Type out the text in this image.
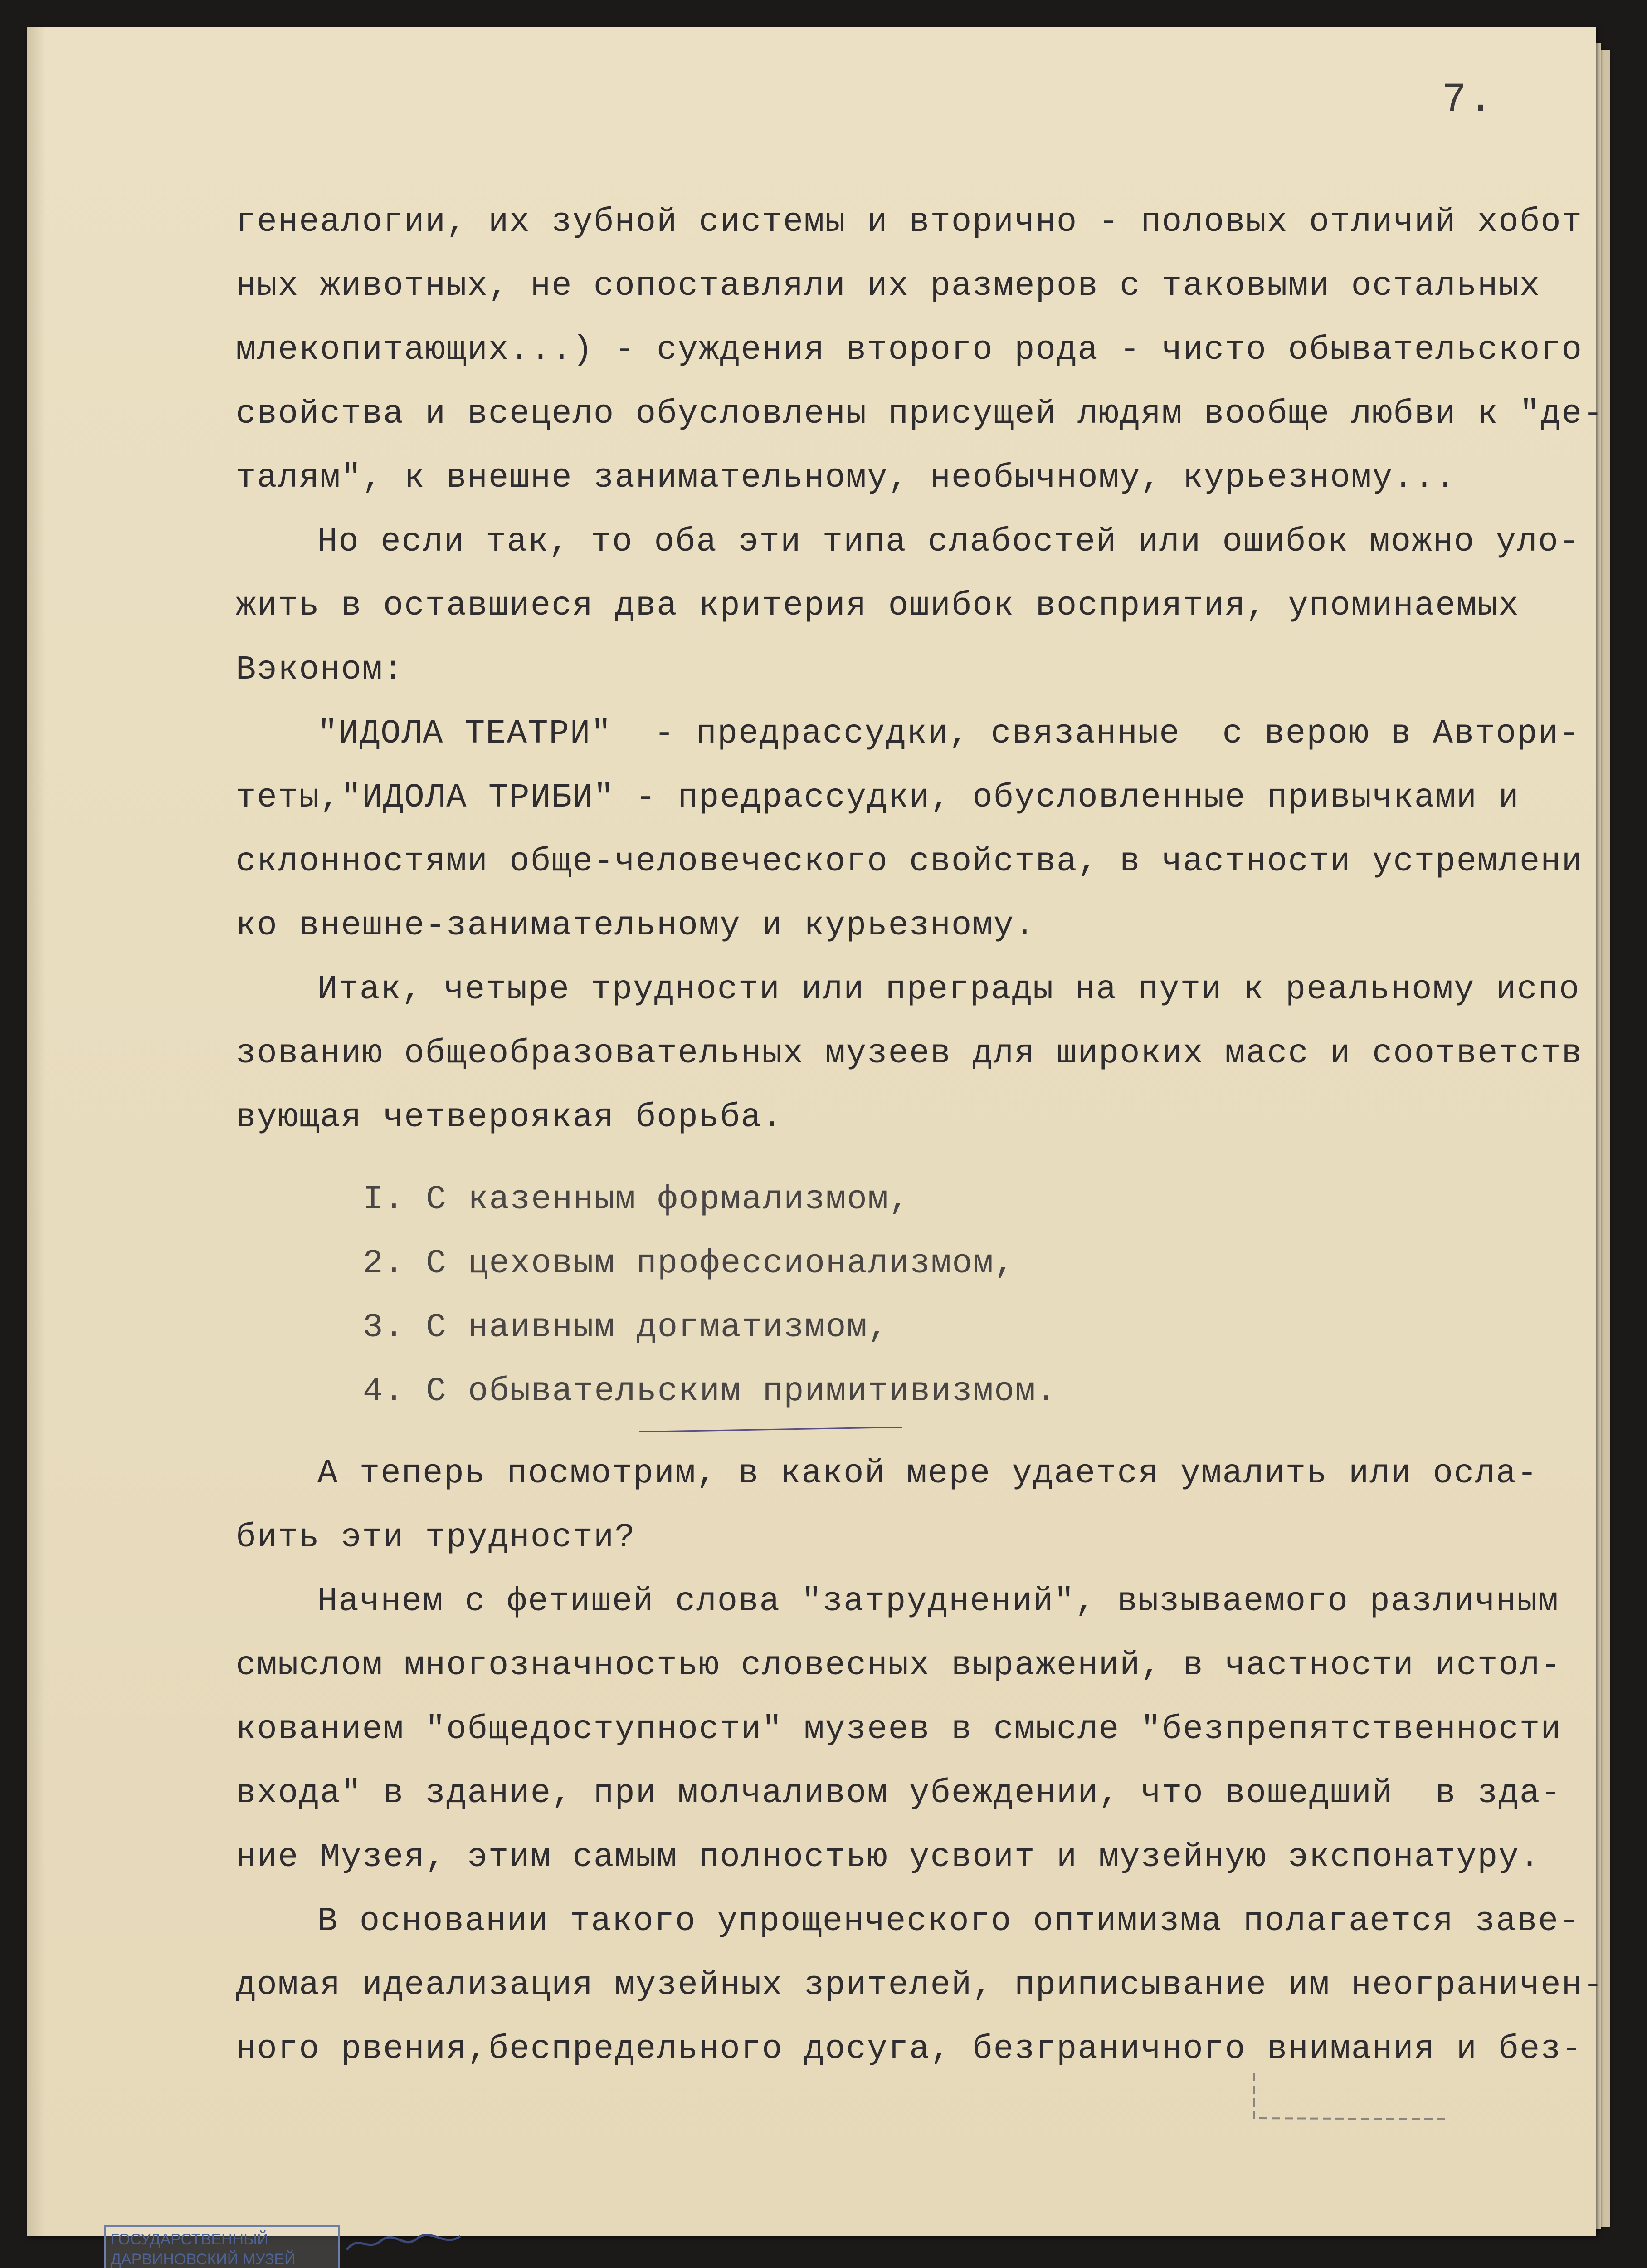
7.
генеалогии, их зубной системы и вторично - половых отличий хобот
ных животных, не сопоставляли их размеров с таковыми остальных
млекопитающих...) - суждения второго рода - чисто обывательского
свойства и всецело обусловлены присущей людям вообще любви к "де-
талям", к внешне занимательному, необычному, курьезному...
Но если так, то оба эти типа слабостей или ошибок можно уло-
жить в оставшиеся два критерия ошибок восприятия, упоминаемых
Вэконом:
"ИДОЛА ТЕАТРИ"  - предрассудки, связанные  с верою в Автори-
теты,"ИДОЛА ТРИБИ" - предрассудки, обусловленные привычками и
склонностями обще-человеческого свойства, в частности устремлени
ко внешне-занимательному и курьезному.
Итак, четыре трудности или преграды на пути к реальному испо
зованию общеобразовательных музеев для широких масс и соответств
вующая четвероякая борьба.
I. С казенным формализмом,
2. С цеховым профессионализмом,
3. С наивным догматизмом,
4. С обывательским примитивизмом.
А теперь посмотрим, в какой мере удается умалить или осла-
бить эти трудности?
Начнем с фетишей слова "затруднений", вызываемого различным
смыслом многозначностью словесных выражений, в частности истол-
кованием "общедоступности" музеев в смысле "безпрепятственности
входа" в здание, при молчаливом убеждении, что вошедший  в зда-
ние Музея, этим самым полностью усвоит и музейную экспонатуру.
В основании такого упрощенческого оптимизма полагается заве-
домая идеализация музейных зрителей, приписывание им неограничен-
ного рвения,беспредельного досуга, безграничного внимания и без-
ГОСУДАРСТВЕННЫЙ
ДАРВИНОВСКИЙ МУЗЕЙ
